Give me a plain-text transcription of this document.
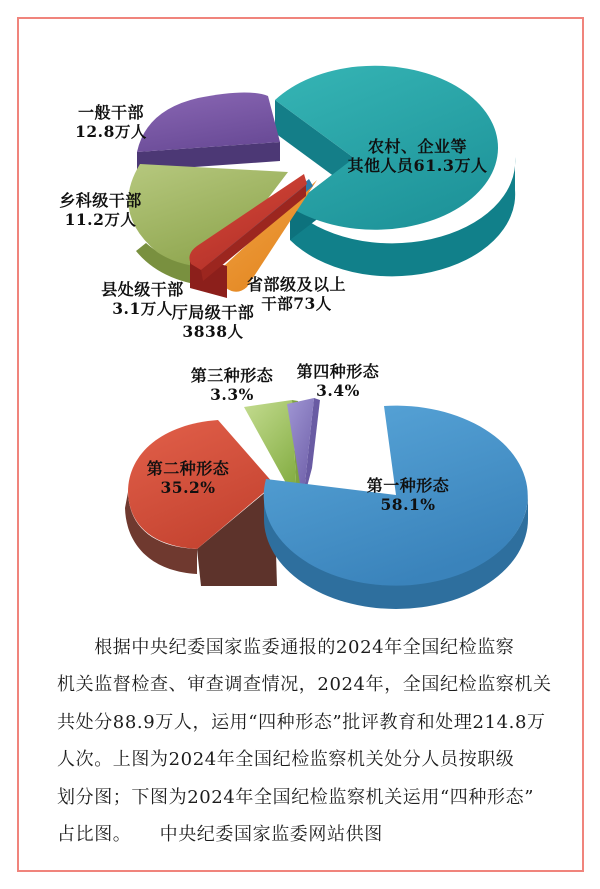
一般干部
12.8万人
农村、企业等
其他人员61.3万人
乡科级干部
11.2万人
县处级干部
3.1万人 厅局级干部
3838人
省部级及以上
干部73人
第三种形态
3.3%
第四种形态
3.4%
第二种形态
35.2%	第一种形态
58.1%
　　根据中央纪委国家监委通报的2024年全国纪检监察
机关监督检查、审查调查情况，2024年，全国纪检监察机关
共处分88.9万人，运用“四种形态”批评教育和处理214.8万
人次。上图为2024年全国纪检监察机关处分人员按职级
划分图；下图为2024年全国纪检监察机关运用“四种形态”
占比图。　　中央纪委国家监委网站供图
